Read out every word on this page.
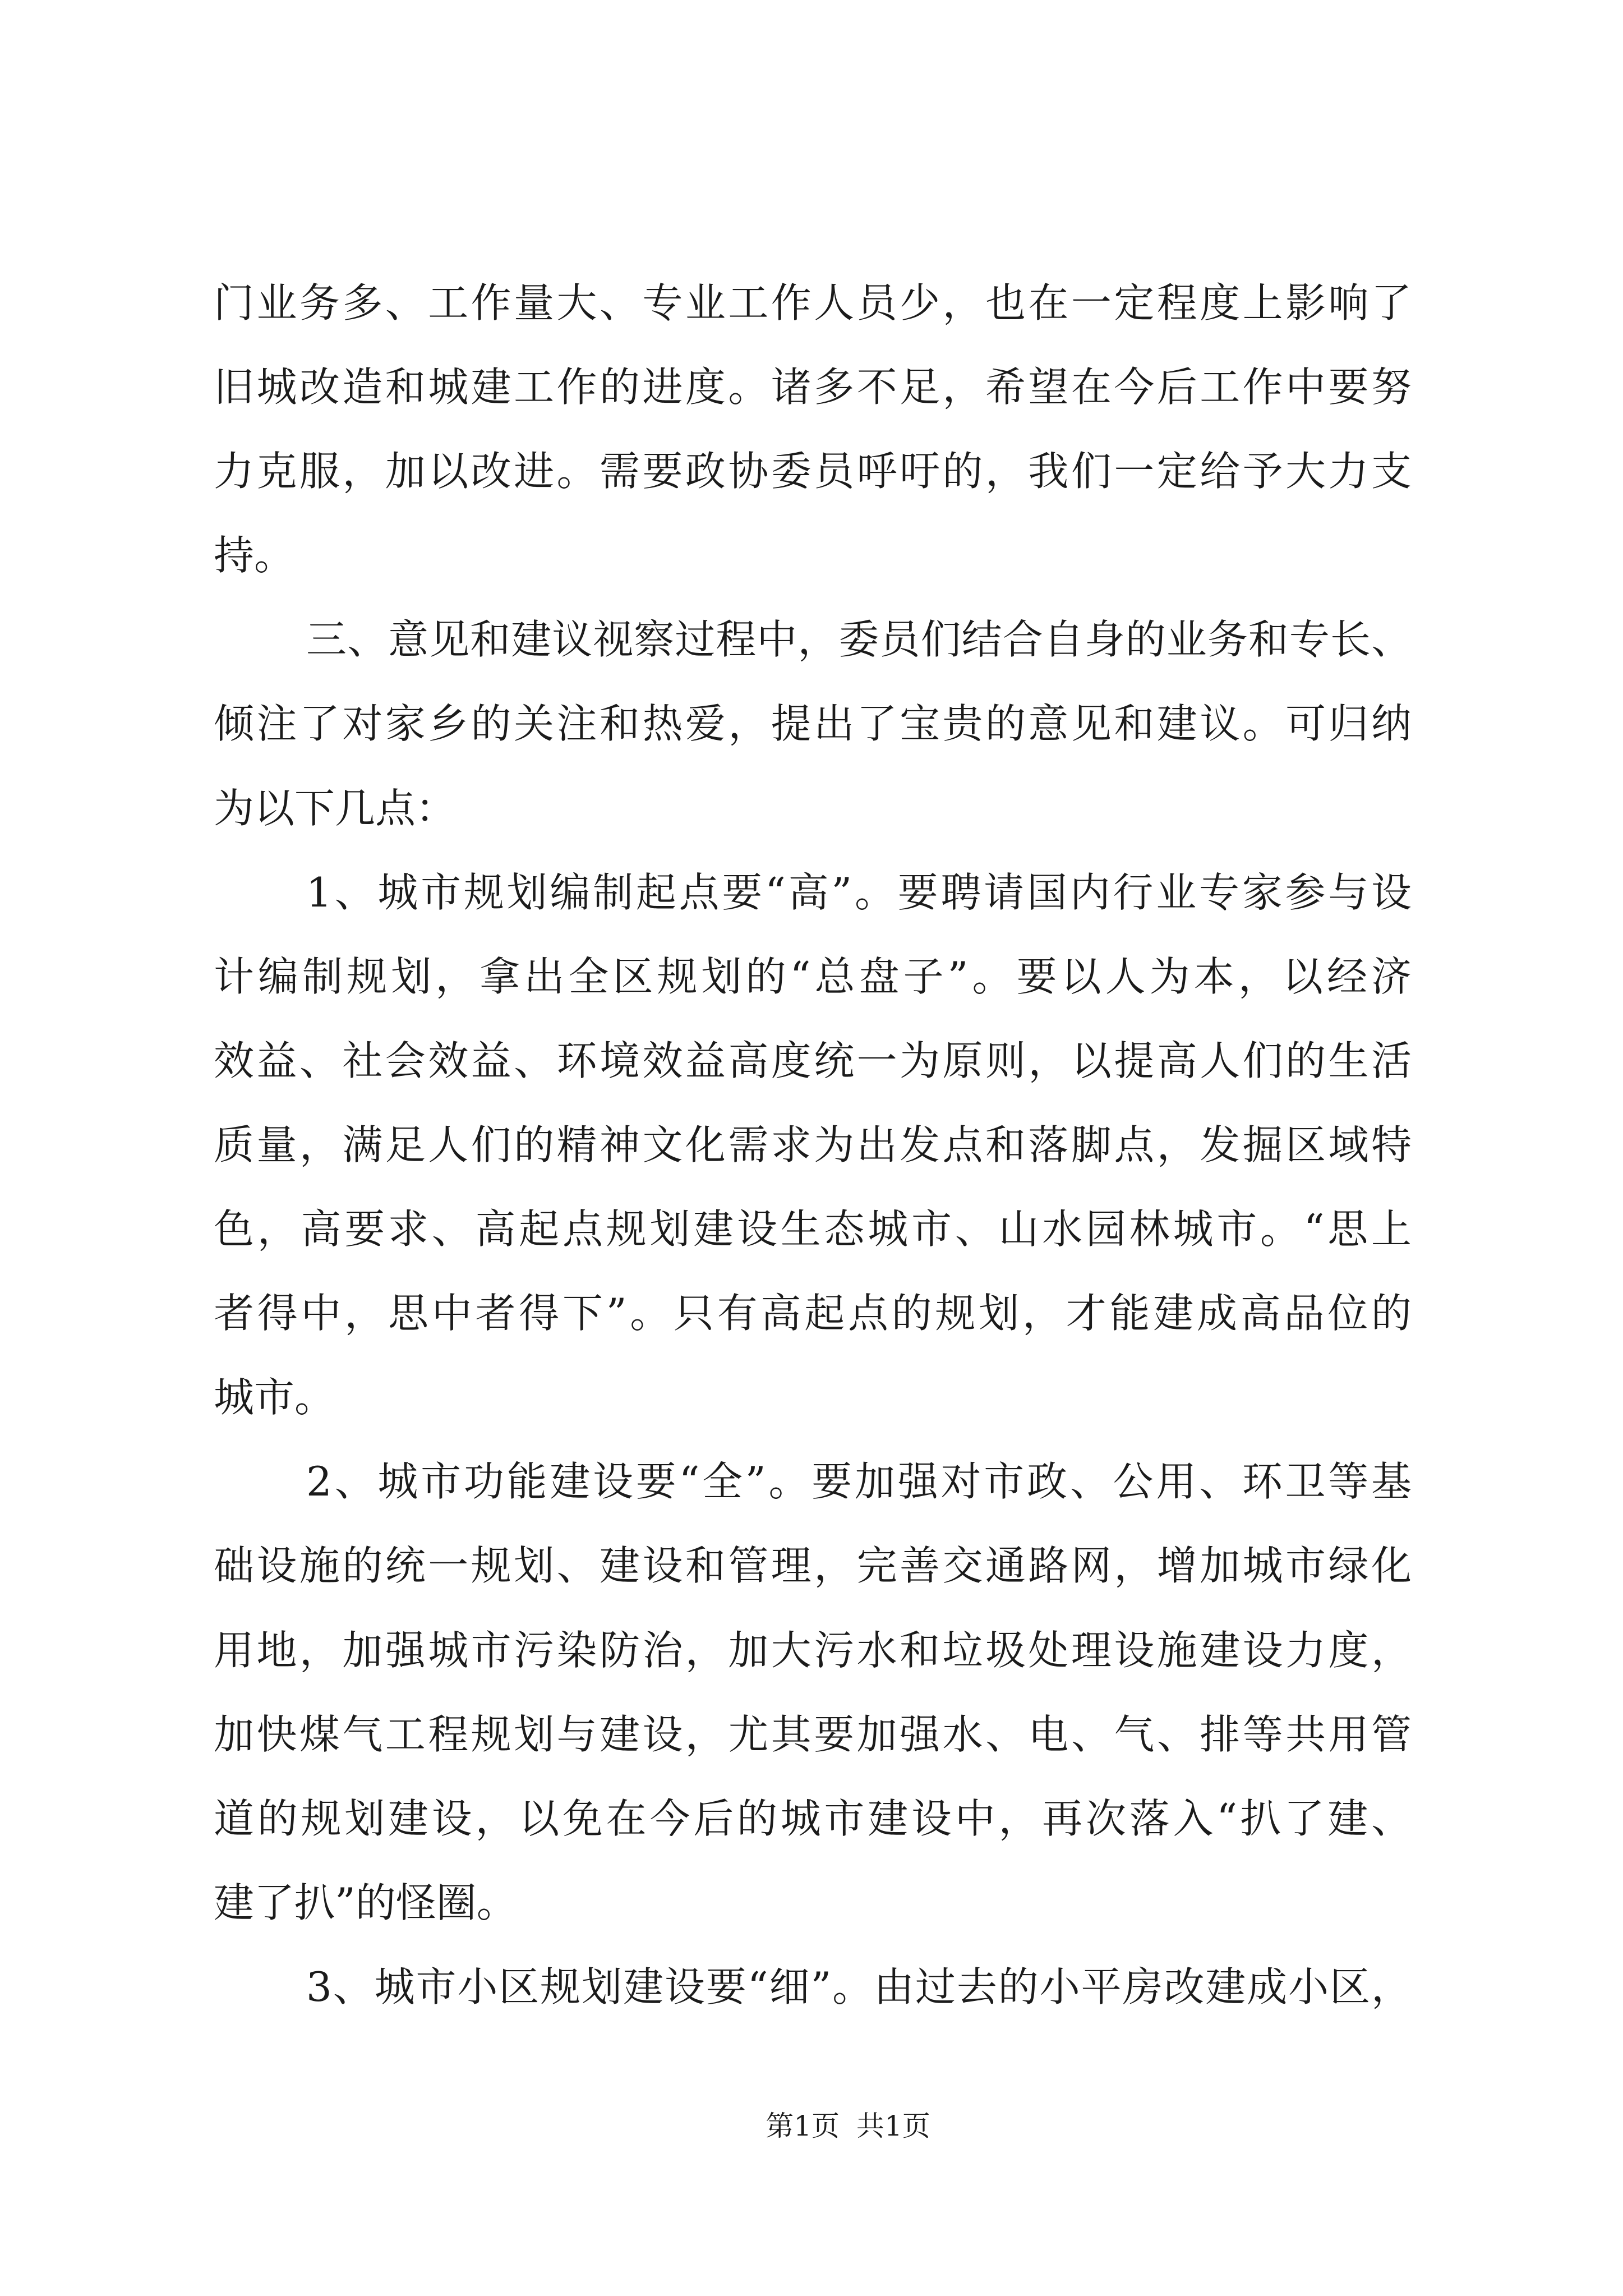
门业务多、工作量大、专业工作人员少，也在一定程度上影响了
旧城改造和城建工作的进度。诸多不足，希望在今后工作中要努
力克服，加以改进。需要政协委员呼吁的，我们一定给予大力支
持。
三、意见和建议视察过程中，委员们结合自身的业务和专长、
倾注了对家乡的关注和热爱，提出了宝贵的意见和建议。可归纳
为以下几点：
1、城市规划编制起点要“高”。要聘请国内行业专家参与设
计编制规划，拿出全区规划的“总盘子”。要以人为本，以经济
效益、社会效益、环境效益高度统一为原则，以提高人们的生活
质量，满足人们的精神文化需求为出发点和落脚点，发掘区域特
色，高要求、高起点规划建设生态城市、山水园林城市。“思上
者得中，思中者得下”。只有高起点的规划，才能建成高品位的
城市。
2、城市功能建设要“全”。要加强对市政、公用、环卫等基
础设施的统一规划、建设和管理，完善交通路网，增加城市绿化
用地，加强城市污染防治，加大污水和垃圾处理设施建设力度，
加快煤气工程规划与建设，尤其要加强水、电、气、排等共用管
道的规划建设，以免在今后的城市建设中，再次落入“扒了建、
建了扒”的怪圈。
3、城市小区规划建设要“细”。由过去的小平房改建成小区，
第1页 共1页
